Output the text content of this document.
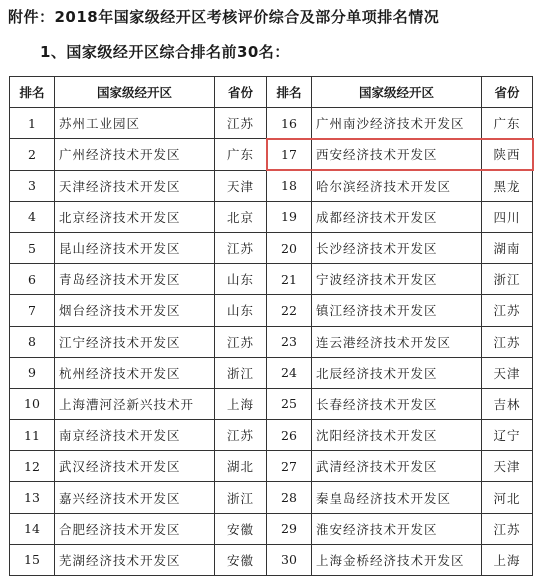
附件：2018年国家级经开区考核评价综合及部分单项排名情况
1、国家级经开区综合排名前30名：
排名	国家级经开区	省份	排名	国家级经开区	省份
1	苏州工业园区	江苏	16	广州南沙经济技术开发区	广东
2	广州经济技术开发区	广东	17	西安经济技术开发区	陕西
3	天津经济技术开发区	天津	18	哈尔滨经济技术开发区	黑龙
4	北京经济技术开发区	北京	19	成都经济技术开发区	四川
5	昆山经济技术开发区	江苏	20	长沙经济技术开发区	湖南
6	青岛经济技术开发区	山东	21	宁波经济技术开发区	浙江
7	烟台经济技术开发区	山东	22	镇江经济技术开发区	江苏
8	江宁经济技术开发区	江苏	23	连云港经济技术开发区	江苏
9	杭州经济技术开发区	浙江	24	北辰经济技术开发区	天津
10	上海漕河泾新兴技术开	上海	25	长春经济技术开发区	吉林
11	南京经济技术开发区	江苏	26	沈阳经济技术开发区	辽宁
12	武汉经济技术开发区	湖北	27	武清经济技术开发区	天津
13	嘉兴经济技术开发区	浙江	28	秦皇岛经济技术开发区	河北
14	合肥经济技术开发区	安徽	29	淮安经济技术开发区	江苏
15	芜湖经济技术开发区	安徽	30	上海金桥经济技术开发区	上海
